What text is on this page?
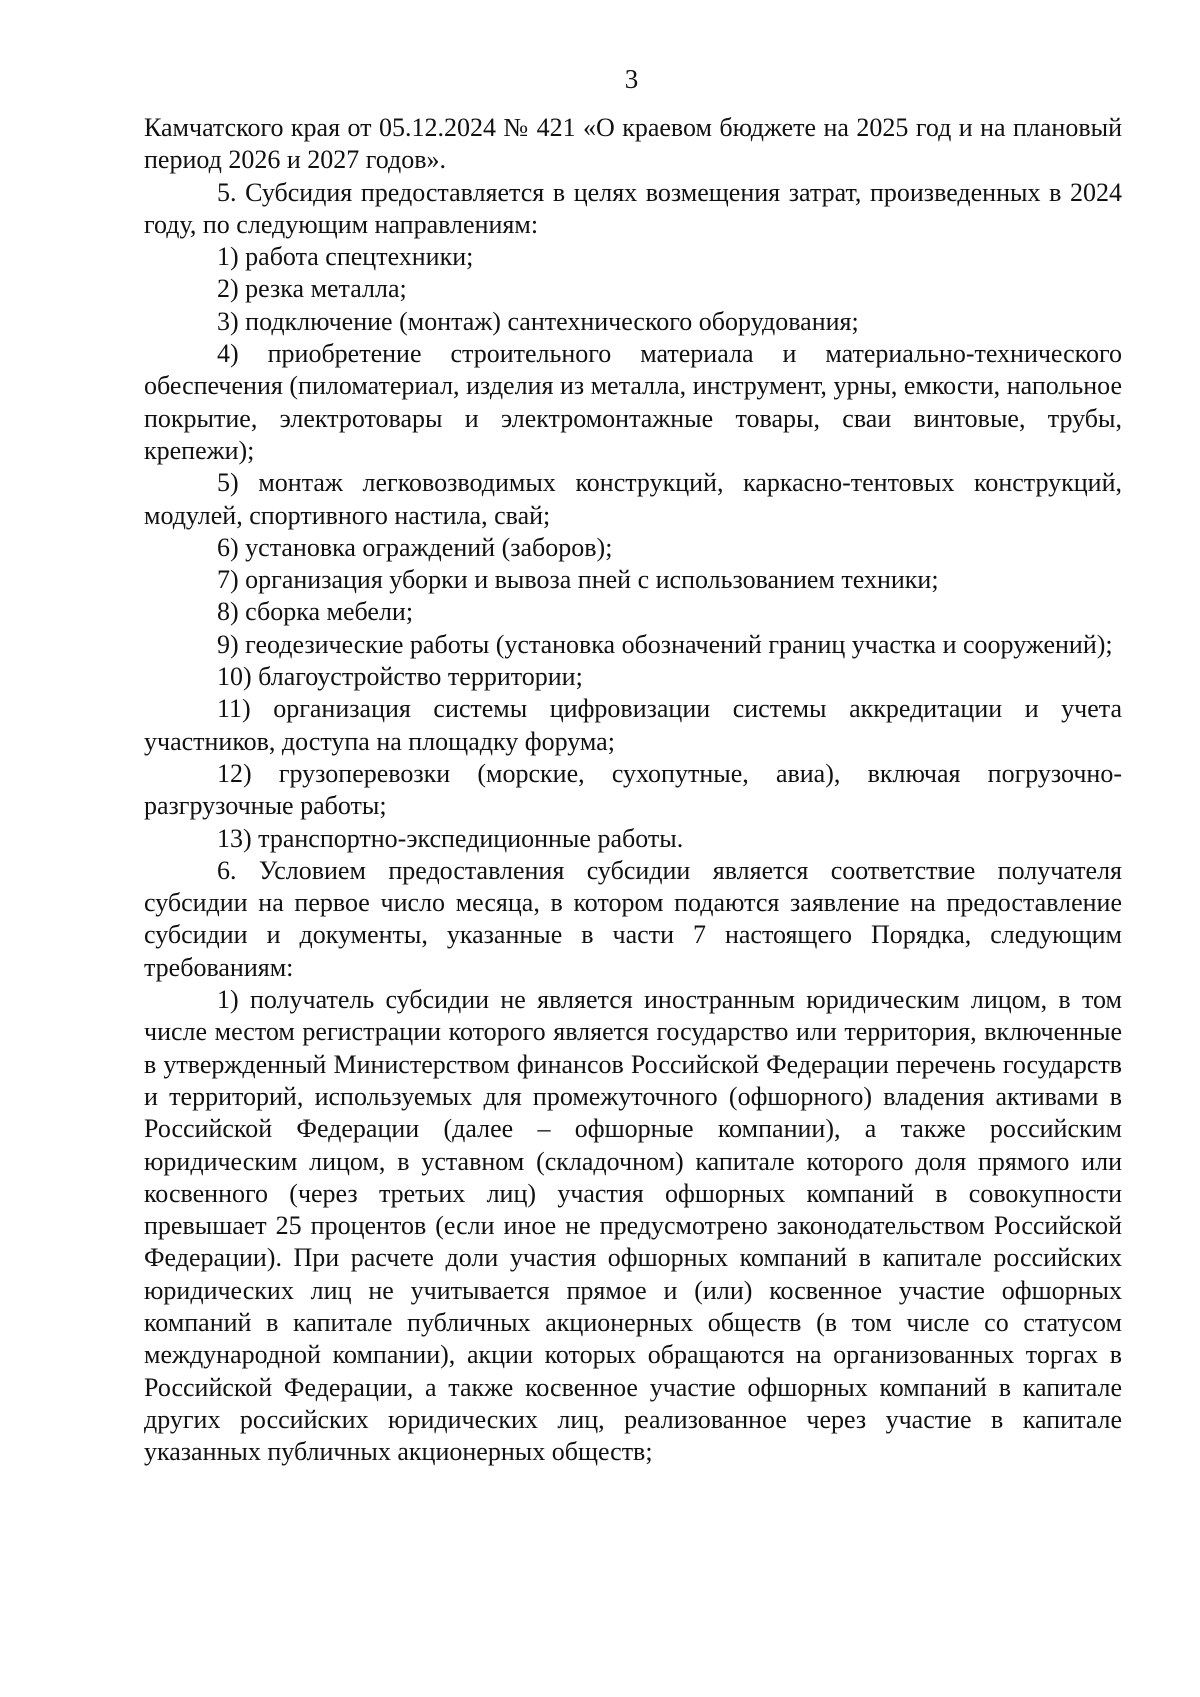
3

Камчатского края от 05.12.2024 № 421 «О краевом бюджете на 2025 год и на плановый период 2026 и 2027 годов».

5. Субсидия предоставляется в целях возмещения затрат, произведенных в 2024 году, по следующим направлениям:

1) работа спецтехники;

2) резка металла;

3) подключение (монтаж) сантехнического оборудования;

4) приобретение строительного материала и материально-технического обеспечения (пиломатериал, изделия из металла, инструмент, урны, емкости, напольное покрытие, электротовары и электромонтажные товары, сваи винтовые, трубы, крепежи);

5) монтаж легковозводимых конструкций, каркасно-тентовых конструкций, модулей, спортивного настила, свай;

6) установка ограждений (заборов);

7) организация уборки и вывоза пней с использованием техники;

8) сборка мебели;

9) геодезические работы (установка обозначений границ участка и сооружений);

10) благоустройство территории;

11) организация системы цифровизации системы аккредитации и учета участников, доступа на площадку форума;

12) грузоперевозки (морские, сухопутные, авиа), включая погрузочно-разгрузочные работы;

13) транспортно-экспедиционные работы.

6. Условием предоставления субсидии является соответствие получателя субсидии на первое число месяца, в котором подаются заявление на предоставление субсидии и документы, указанные в части 7 настоящего Порядка, следующим требованиям:

1) получатель субсидии не является иностранным юридическим лицом, в том числе местом регистрации которого является государство или территория, включенные в утвержденный Министерством финансов Российской Федерации перечень государств и территорий, используемых для промежуточного (офшорного) владения активами в Российской Федерации (далее – офшорные компании), а также российским юридическим лицом, в уставном (складочном) капитале которого доля прямого или косвенного (через третьих лиц) участия офшорных компаний в совокупности превышает 25 процентов (если иное не предусмотрено законодательством Российской Федерации). При расчете доли участия офшорных компаний в капитале российских юридических лиц не учитывается прямое и (или) косвенное участие офшорных компаний в капитале публичных акционерных обществ (в том числе со статусом международной компании), акции которых обращаются на организованных торгах в Российской Федерации, а также косвенное участие офшорных компаний в капитале других российских юридических лиц, реализованное через участие в капитале указанных публичных акционерных обществ;
